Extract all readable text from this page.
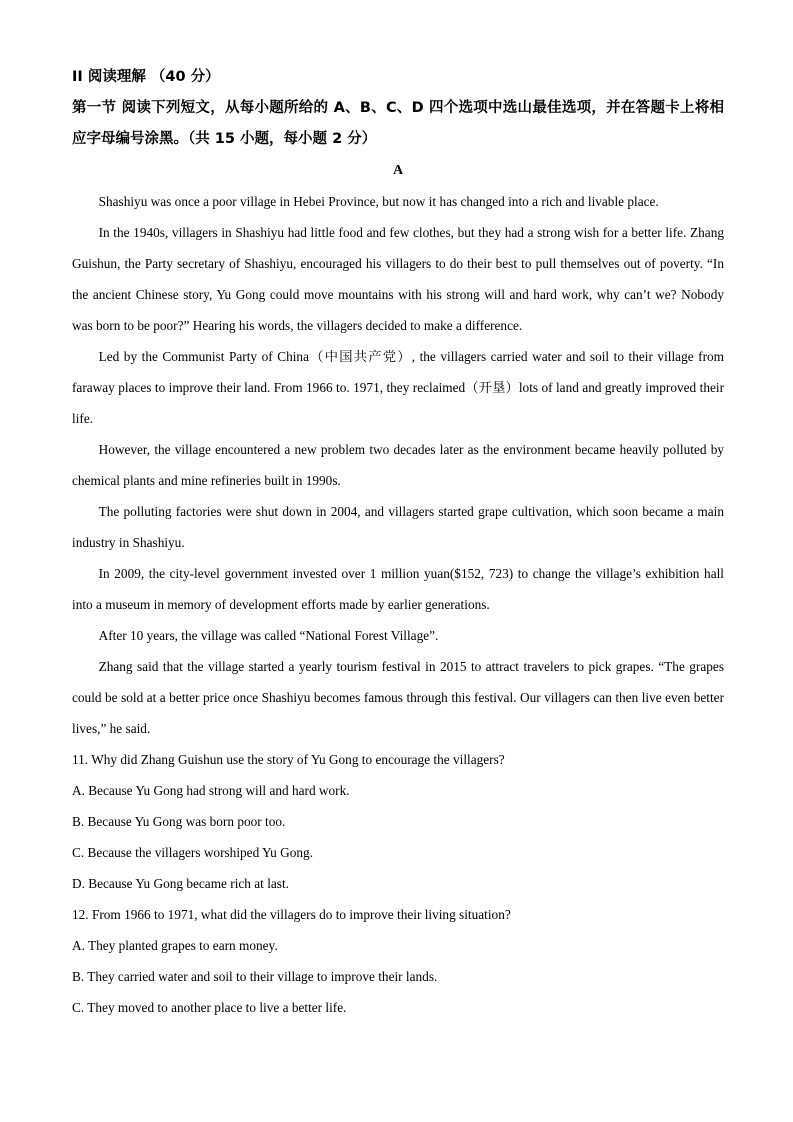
II 阅读理解 （40 分）

第一节 阅读下列短文，从每小题所给的 A、B、C、D 四个选项中选山最佳选项，并在答题卡上将相应字母编号涂黑。（共 15 小题，每小题 2 分）

A

Shashiyu was once a poor village in Hebei Province, but now it has changed into a rich and livable place.

In the 1940s, villagers in Shashiyu had little food and few clothes, but they had a strong wish for a better life. Zhang Guishun, the Party secretary of Shashiyu, encouraged his villagers to do their best to pull themselves out of poverty. “In the ancient Chinese story, Yu Gong could move mountains with his strong will and hard work, why can’t we? Nobody was born to be poor?” Hearing his words, the villagers decided to make a difference.

Led by the Communist Party of China（中国共产党）, the villagers carried water and soil to their village from faraway places to improve their land. From 1966 to. 1971, they reclaimed（开垦）lots of land and greatly improved their life.

However, the village encountered a new problem two decades later as the environment became heavily polluted by chemical plants and mine refineries built in 1990s.

The polluting factories were shut down in 2004, and villagers started grape cultivation, which soon became a main industry in Shashiyu.

In 2009, the city-level government invested over 1 million yuan($152, 723) to change the village’s exhibition hall into a museum in memory of development efforts made by earlier generations.

After 10 years, the village was called “National Forest Village”.

Zhang said that the village started a yearly tourism festival in 2015 to attract travelers to pick grapes. “The grapes could be sold at a better price once Shashiyu becomes famous through this festival. Our villagers can then live even better lives,” he said.

11. Why did Zhang Guishun use the story of Yu Gong to encourage the villagers?

A. Because Yu Gong had strong will and hard work.

B. Because Yu Gong was born poor too.

C. Because the villagers worshiped Yu Gong.

D. Because Yu Gong became rich at last.

12. From 1966 to 1971, what did the villagers do to improve their living situation?

A. They planted grapes to earn money.

B. They carried water and soil to their village to improve their lands.

C. They moved to another place to live a better life.
